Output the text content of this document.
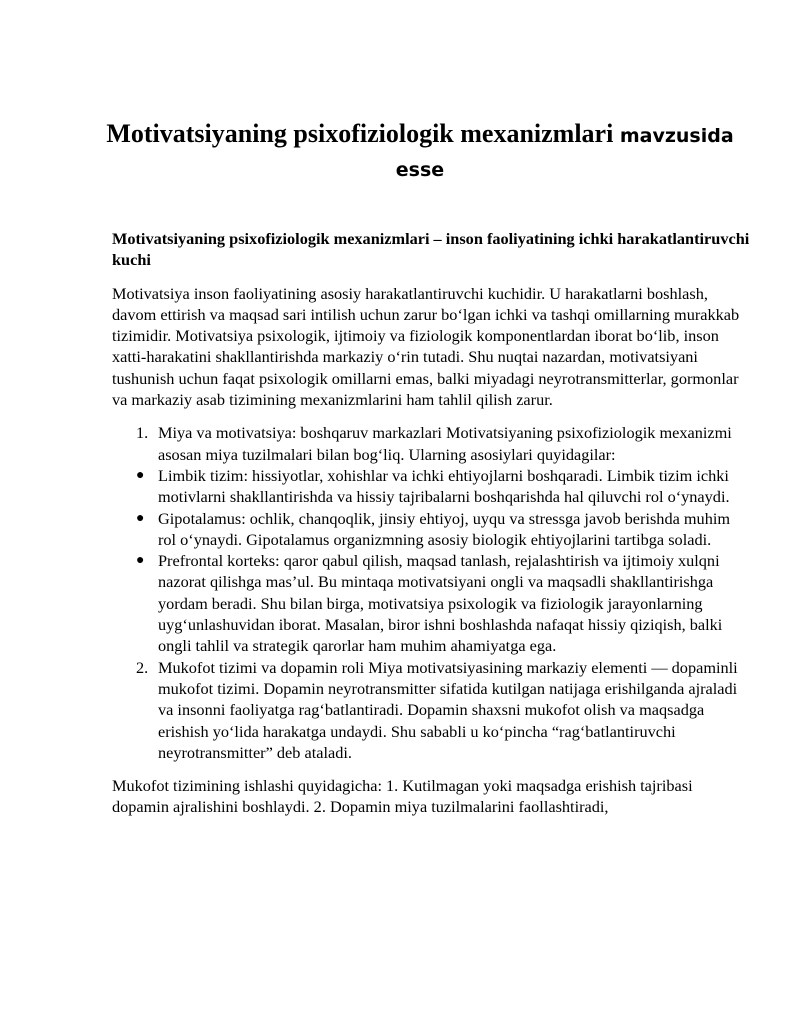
Motivatsiyaning psixofiziologik mexanizmlari mavzusida esse

Motivatsiyaning psixofiziologik mexanizmlari – inson faoliyatining ichki harakatlantiruvchi kuchi

Motivatsiya inson faoliyatining asosiy harakatlantiruvchi kuchidir. U harakatlarni boshlash, davom ettirish va maqsad sari intilish uchun zarur bo‘lgan ichki va tashqi omillarning murakkab tizimidir. Motivatsiya psixologik, ijtimoiy va fiziologik komponentlardan iborat bo‘lib, inson xatti-harakatini shakllantirishda markaziy o‘rin tutadi. Shu nuqtai nazardan, motivatsiyani tushunish uchun faqat psixologik omillarni emas, balki miyadagi neyrotransmitterlar, gormonlar va markaziy asab tizimining mexanizmlarini ham tahlil qilish zarur.

1. Miya va motivatsiya: boshqaruv markazlari Motivatsiyaning psixofiziologik mexanizmi asosan miya tuzilmalari bilan bog‘liq. Ularning asosiylari quyidagilar:
● Limbik tizim: hissiyotlar, xohishlar va ichki ehtiyojlarni boshqaradi. Limbik tizim ichki motivlarni shakllantirishda va hissiy tajribalarni boshqarishda hal qiluvchi rol o‘ynaydi.
● Gipotalamus: ochlik, chanqoqlik, jinsiy ehtiyoj, uyqu va stressga javob berishda muhim rol o‘ynaydi. Gipotalamus organizmning asosiy biologik ehtiyojlarini tartibga soladi.
● Prefrontal korteks: qaror qabul qilish, maqsad tanlash, rejalashtirish va ijtimoiy xulqni nazorat qilishga mas’ul. Bu mintaqa motivatsiyani ongli va maqsadli shakllantirishga yordam beradi. Shu bilan birga, motivatsiya psixologik va fiziologik jarayonlarning uyg‘unlashuvidan iborat. Masalan, biror ishni boshlashda nafaqat hissiy qiziqish, balki ongli tahlil va strategik qarorlar ham muhim ahamiyatga ega.
2. Mukofot tizimi va dopamin roli Miya motivatsiyasining markaziy elementi — dopaminli mukofot tizimi. Dopamin neyrotransmitter sifatida kutilgan natijaga erishilganda ajraladi va insonni faoliyatga rag‘batlantiradi. Dopamin shaxsni mukofot olish va maqsadga erishish yo‘lida harakatga undaydi. Shu sababli u ko‘pincha “rag‘batlantiruvchi neyrotransmitter” deb ataladi.

Mukofot tizimining ishlashi quyidagicha: 1. Kutilmagan yoki maqsadga erishish tajribasi dopamin ajralishini boshlaydi. 2. Dopamin miya tuzilmalarini faollashtiradi,
